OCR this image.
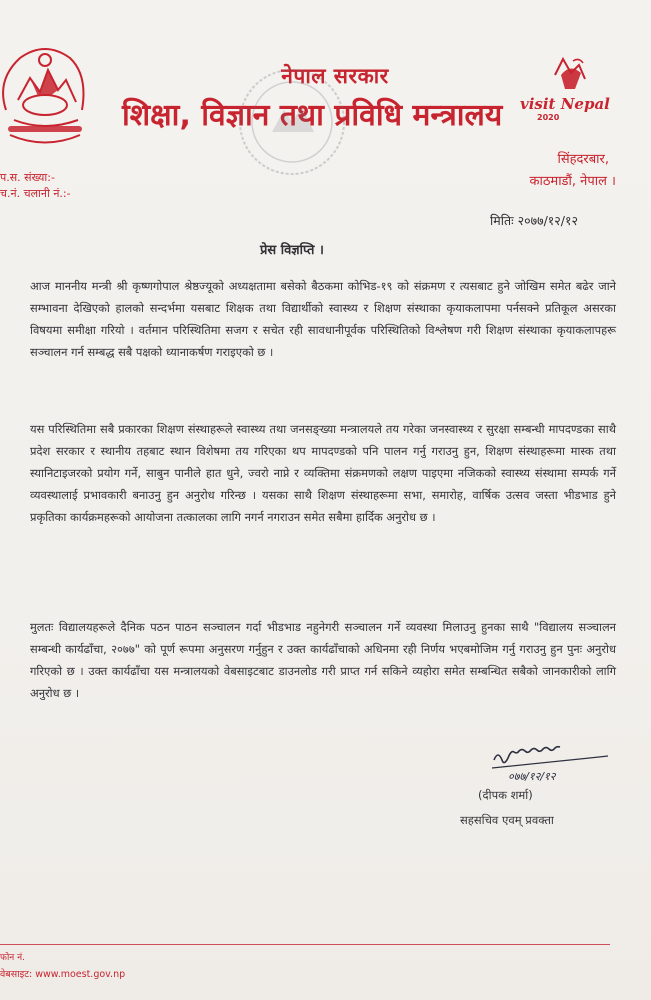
नेपाल सरकार
शिक्षा, विज्ञान तथा प्रविधि मन्त्रालय visit Nepal
2020
प.स. संख्या:-
च.नं. चलानी नं.:-
सिंहदरबार,
काठमाडौं, नेपाल ।
मितिः २०७७/१२/१२
प्रेस विज्ञप्ति ।

आज माननीय मन्त्री श्री कृष्णगोपाल श्रेष्ठज्यूको अध्यक्षतामा बसेको बैठकमा कोभिड-१९ को संक्रमण र त्यसबाट हुने जोखिम समेत बढेर जाने सम्भावना देखिएको हालको सन्दर्भमा यसबाट शिक्षक तथा विद्यार्थीको स्वास्थ्य र शिक्षण संस्थाका कृयाकलापमा पर्नसक्ने प्रतिकूल असरका विषयमा समीक्षा गरियो । वर्तमान परिस्थितिमा सजग र सचेत रही सावधानीपूर्वक परिस्थितिको विश्लेषण गरी शिक्षण संस्थाका कृयाकलापहरू सञ्चालन गर्न सम्बद्ध सबै पक्षको ध्यानाकर्षण गराइएको छ ।

यस परिस्थितिमा सबै प्रकारका शिक्षण संस्थाहरूले स्वास्थ्य तथा जनसङ्ख्या मन्त्रालयले तय गरेका जनस्वास्थ्य र सुरक्षा सम्बन्धी मापदण्डका साथै प्रदेश सरकार र स्थानीय तहबाट स्थान विशेषमा तय गरिएका थप मापदण्डको पनि पालन गर्नु गराउनु हुन, शिक्षण संस्थाहरूमा मास्क तथा स्यानिटाइजरको प्रयोग गर्ने, साबुन पानीले हात धुने, ज्वरो नाप्ने र व्यक्तिमा संक्रमणको लक्षण पाइएमा नजिकको स्वास्थ्य संस्थामा सम्पर्क गर्ने व्यवस्थालाई प्रभावकारी बनाउनु हुन अनुरोध गरिन्छ । यसका साथै शिक्षण संस्थाहरूमा सभा, समारोह, वार्षिक उत्सव जस्ता भीडभाड हुने प्रकृतिका कार्यक्रमहरूको आयोजना तत्कालका लागि नगर्न नगराउन समेत सबैमा हार्दिक अनुरोध छ ।

मुलतः विद्यालयहरूले दैनिक पठन पाठन सञ्चालन गर्दा भीडभाड नहुनेगरी सञ्चालन गर्ने व्यवस्था मिलाउनु हुनका साथै "विद्यालय सञ्चालन सम्बन्धी कार्यढाँचा, २०७७" को पूर्ण रूपमा अनुसरण गर्नुहुन र उक्त कार्यढाँचाको अधिनमा रही निर्णय भएबमोजिम गर्नु गराउनु हुन पुनः अनुरोध गरिएको छ । उक्त कार्यढाँचा यस मन्त्रालयको वेबसाइटबाट डाउनलोड गरी प्राप्त गर्न सकिने व्यहोरा समेत सम्बन्धित सबैको जानकारीको लागि अनुरोध छ ।

०७७/१२/१२
(दीपक शर्मा)
सहसचिव एवम् प्रवक्ता
फोन नं.
वेबसाइट: www.moest.gov.np
